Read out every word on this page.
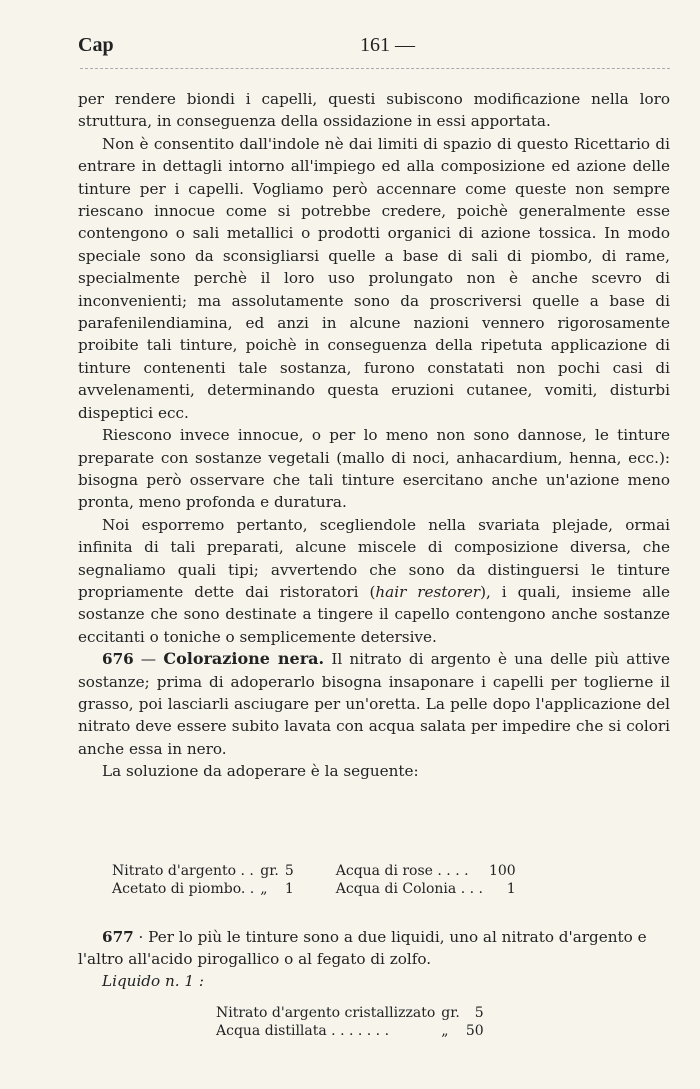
Cap	161 —

per rendere biondi i capelli, questi subiscono modificazione nella loro struttura, in conseguenza della ossidazione in essi apportata.

Non è consentito dall'indole nè dai limiti di spazio di questo Ricettario di entrare in dettagli intorno all'impiego ed alla composizione ed azione delle tinture per i capelli. Vogliamo però accennare come queste non sempre riescano innocue come si potrebbe credere, poichè generalmente esse contengono o sali metallici o prodotti organici di azione tossica. In modo speciale sono da sconsigliarsi quelle a base di sali di piombo, di rame, specialmente perchè il loro uso prolungato non è anche scevro di inconvenienti; ma assolutamente sono da proscriversi quelle a base di parafenilendiamina, ed anzi in alcune nazioni vennero rigorosamente proibite tali tinture, poichè in conseguenza della ripetuta applicazione di tinture contenenti tale sostanza, furono constatati non pochi casi di avvelenamenti, determinando questa eruzioni cutanee, vomiti, disturbi dispeptici ecc.

Riescono invece innocue, o per lo meno non sono dannose, le tinture preparate con sostanze vegetali (mallo di noci, anhacardium, henna, ecc.): bisogna però osservare che tali tinture esercitano anche un'azione meno pronta, meno profonda e duratura.

Noi esporremo pertanto, scegliendole nella svariata plejade, ormai infinita di tali preparati, alcune miscele di composizione diversa, che segnaliamo quali tipi; avvertendo che sono da distinguersi le tinture propriamente dette dai ristoratori (hair restorer), i quali, insieme alle sostanze che sono destinate a tingere il capello contengono anche sostanze eccitanti o toniche o semplicemente detersive.

676 — Colorazione nera. Il nitrato di argento è una delle più attive sostanze; prima di adoperarlo bisogna insaponare i capelli per toglierne il grasso, poi lasciarli asciugare per un'oretta. La pelle dopo l'applicazione del nitrato deve essere subito lavata con acqua salata per impedire che si colori anche essa in nero.

La soluzione da adoperare è la seguente:

Nitrato d'argento . .	gr.	5		Acqua di rose . . . .	100
Acetato di piombo. .	„	1		Acqua di Colonia . . .	1

677 · Per lo più le tinture sono a due liquidi, uno al nitrato d'argento e l'altro all'acido pirogallico o al fegato di zolfo.

Liquido n. 1 :
Nitrato d'argento cristallizzato	gr.	5
Acqua distillata . . . . . . .	„	50
